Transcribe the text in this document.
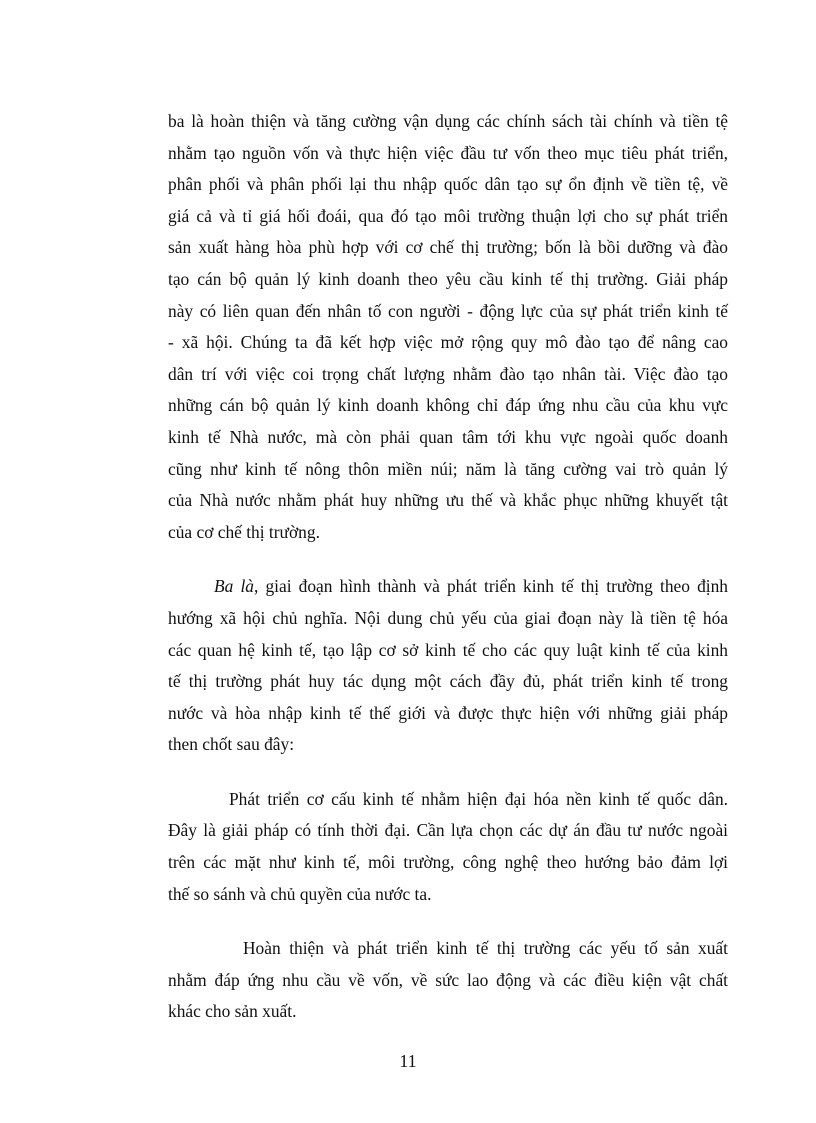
ba là hoàn thiện và tăng cường vận dụng các chính sách tài chính và tiền tệ
nhằm tạo nguồn vốn và thực hiện việc đầu tư vốn theo mục tiêu phát triển,
phân phối và phân phối lại thu nhập quốc dân tạo sự ổn định về tiền tệ, về
giá cả và tỉ giá hối đoái, qua đó tạo môi trường thuận lợi cho sự phát triển
sản xuất hàng hòa phù hợp với cơ chế thị trường; bốn là bồi dưỡng và đào
tạo cán bộ quản lý kinh doanh theo yêu cầu kinh tế thị trường. Giải pháp
này có liên quan đến nhân tố con người - động lực của sự phát triển kinh tế
- xã hội. Chúng ta đã kết hợp việc mở rộng quy mô đào tạo để nâng cao
dân trí với việc coi trọng chất lượng nhằm đào tạo nhân tài. Việc đào tạo
những cán bộ quản lý kinh doanh không chỉ đáp ứng nhu cầu của khu vực
kinh tế Nhà nước, mà còn phải quan tâm tới khu vực ngoài quốc doanh
cũng như kinh tế nông thôn miền núi; năm là tăng cường vai trò quản lý
của Nhà nước nhằm phát huy những ưu thế và khắc phục những khuyết tật
của cơ chế thị trường.

Ba là, giai đoạn hình thành và phát triển kinh tế thị trường theo định
hướng xã hội chủ nghĩa. Nội dung chủ yếu của giai đoạn này là tiền tệ hóa
các quan hệ kinh tế, tạo lập cơ sở kinh tế cho các quy luật kinh tế của kinh
tế thị trường phát huy tác dụng một cách đầy đủ, phát triển kinh tế trong
nước và hòa nhập kinh tế thế giới và được thực hiện với những giải pháp
then chốt sau đây:

Phát triển cơ cấu kinh tế nhằm hiện đại hóa nền kinh tế quốc dân.
Đây là giải pháp có tính thời đại. Cần lựa chọn các dự án đầu tư nước ngoài
trên các mặt như kinh tế, môi trường, công nghệ theo hướng bảo đảm lợi
thế so sánh và chủ quyền của nước ta.

Hoàn thiện và phát triển kinh tế thị trường các yếu tố sản xuất
nhằm đáp ứng nhu cầu về vốn, về sức lao động và các điều kiện vật chất
khác cho sản xuất.

11
